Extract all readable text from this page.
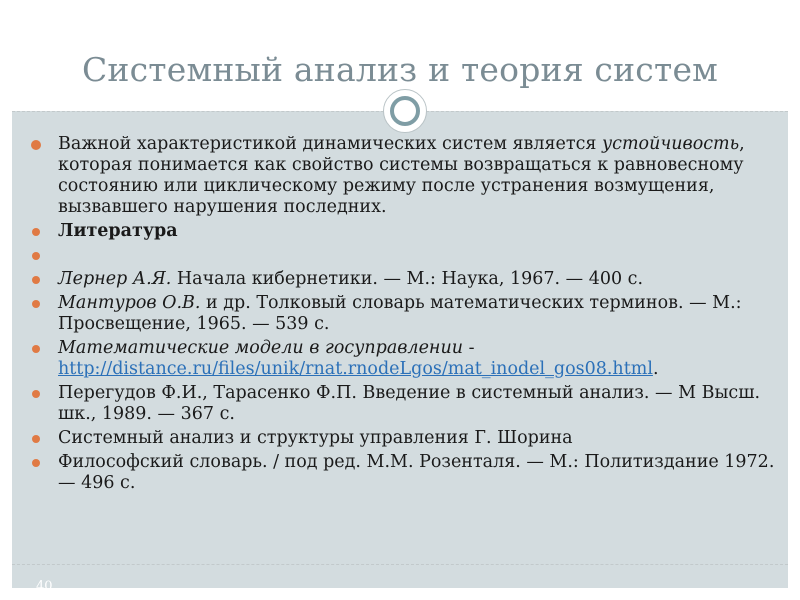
Системный анализ и теория систем
Важной характеристикой динамических систем является устойчивость, которая понимается как свойство системы возвращаться к равновесному состоянию или циклическому режиму после устранения возмущения, вызвавшего нарушения последних.
Литература
Лернер А.Я. Начала кибернетики. — М.: Наука, 1967. — 400 с.
Мантуров О.В. и др. Толковый словарь математических терминов. — М.: Просвещение, 1965. — 539 с.
Математические модели в госуправлении - http://distance.ru/files/unik/rnat.rnodeLgos/mat_inodel_gos08.html.
Перегудов Ф.И., Тарасенко Ф.П. Введение в системный анализ. — М Высш. шк., 1989. — 367 с.
Системный анализ и структуры управления Г. Шорина
Философский словарь. / под ред. М.М. Розенталя. — М.: Политиздание 1972. — 496 с.
40
